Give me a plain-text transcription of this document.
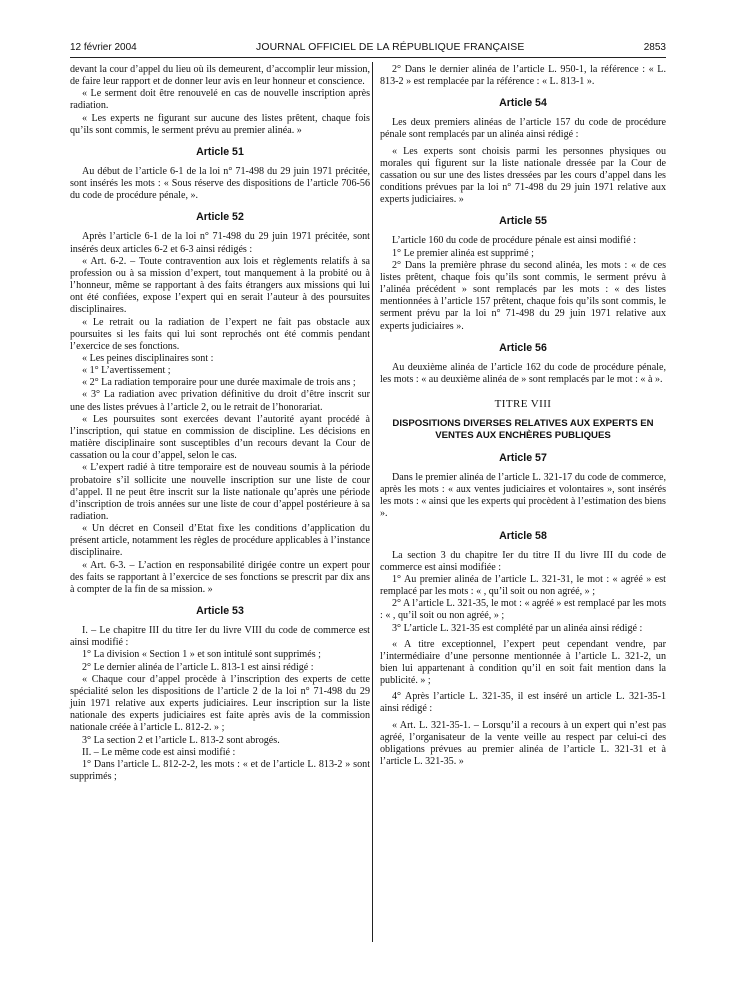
12 février 2004	JOURNAL OFFICIEL DE LA RÉPUBLIQUE FRANÇAISE	2853

devant la cour d’appel du lieu où ils demeurent, d’accomplir leur mission, de faire leur rapport et de donner leur avis en leur honneur et conscience.

« Le serment doit être renouvelé en cas de nouvelle inscription après radiation.

« Les experts ne figurant sur aucune des listes prêtent, chaque fois qu’ils sont commis, le serment prévu au premier alinéa. »

Article 51

Au début de l’article 6-1 de la loi n° 71-498 du 29 juin 1971 précitée, sont insérés les mots : « Sous réserve des dispositions de l’article 706-56 du code de procédure pénale, ».

Article 52

Après l’article 6-1 de la loi n° 71-498 du 29 juin 1971 précitée, sont insérés deux articles 6-2 et 6-3 ainsi rédigés :

« Art. 6-2. – Toute contravention aux lois et règlements relatifs à sa profession ou à sa mission d’expert, tout manquement à la probité ou à l’honneur, même se rapportant à des faits étrangers aux missions qui lui ont été confiées, expose l’expert qui en serait l’auteur à des poursuites disciplinaires.

« Le retrait ou la radiation de l’expert ne fait pas obstacle aux poursuites si les faits qui lui sont reprochés ont été commis pendant l’exercice de ses fonctions.

« Les peines disciplinaires sont :

« 1° L’avertissement ;

« 2° La radiation temporaire pour une durée maximale de trois ans ;

« 3° La radiation avec privation définitive du droit d’être inscrit sur une des listes prévues à l’article 2, ou le retrait de l’honorariat.

« Les poursuites sont exercées devant l’autorité ayant procédé à l’inscription, qui statue en commission de discipline. Les décisions en matière disciplinaire sont susceptibles d’un recours devant la Cour de cassation ou la cour d’appel, selon le cas.

« L’expert radié à titre temporaire est de nouveau soumis à la période probatoire s’il sollicite une nouvelle inscription sur une liste de cour d’appel. Il ne peut être inscrit sur la liste nationale qu’après une période d’inscription de trois années sur une liste de cour d’appel postérieure à sa radiation.

« Un décret en Conseil d’Etat fixe les conditions d’application du présent article, notamment les règles de procédure applicables à l’instance disciplinaire.

« Art. 6-3. – L’action en responsabilité dirigée contre un expert pour des faits se rapportant à l’exercice de ses fonctions se prescrit par dix ans à compter de la fin de sa mission. »

Article 53

I. – Le chapitre III du titre Ier du livre VIII du code de commerce est ainsi modifié :

1° La division « Section 1 » et son intitulé sont supprimés ;

2° Le dernier alinéa de l’article L. 813-1 est ainsi rédigé :

« Chaque cour d’appel procède à l’inscription des experts de cette spécialité selon les dispositions de l’article 2 de la loi n° 71-498 du 29 juin 1971 relative aux experts judiciaires. Leur inscription sur la liste nationale des experts judiciaires est faite après avis de la commission nationale créée à l’article L. 812-2. » ;

3° La section 2 et l’article L. 813-2 sont abrogés.

II. – Le même code est ainsi modifié :

1° Dans l’article L. 812-2-2, les mots : « et de l’article L. 813-2 » sont supprimés ;

2° Dans le dernier alinéa de l’article L. 950-1, la référence : « L. 813-2 » est remplacée par la référence : « L. 813-1 ».

Article 54

Les deux premiers alinéas de l’article 157 du code de procédure pénale sont remplacés par un alinéa ainsi rédigé :

« Les experts sont choisis parmi les personnes physiques ou morales qui figurent sur la liste nationale dressée par la Cour de cassation ou sur une des listes dressées par les cours d’appel dans les conditions prévues par la loi n° 71-498 du 29 juin 1971 relative aux experts judiciaires. »

Article 55

L’article 160 du code de procédure pénale est ainsi modifié :

1° Le premier alinéa est supprimé ;

2° Dans la première phrase du second alinéa, les mots : « de ces listes prêtent, chaque fois qu’ils sont commis, le serment prévu à l’alinéa précédent » sont remplacés par les mots : « des listes mentionnées à l’article 157 prêtent, chaque fois qu’ils sont commis, le serment prévu par la loi n° 71-498 du 29 juin 1971 relative aux experts judiciaires ».

Article 56

Au deuxième alinéa de l’article 162 du code de procédure pénale, les mots : « au deuxième alinéa de » sont remplacés par le mot : « à ».

TITRE VIII
DISPOSITIONS DIVERSES RELATIVES AUX EXPERTS EN VENTES AUX ENCHÈRES PUBLIQUES
Article 57

Dans le premier alinéa de l’article L. 321-17 du code de commerce, après les mots : « aux ventes judiciaires et volontaires », sont insérés les mots : « ainsi que les experts qui procèdent à l’estimation des biens ».

Article 58

La section 3 du chapitre Ier du titre II du livre III du code de commerce est ainsi modifiée :

1° Au premier alinéa de l’article L. 321-31, le mot : « agréé » est remplacé par les mots : « , qu’il soit ou non agréé, » ;

2° A l’article L. 321-35, le mot : « agréé » est remplacé par les mots : « , qu’il soit ou non agréé, » ;

3° L’article L. 321-35 est complété par un alinéa ainsi rédigé :

« A titre exceptionnel, l’expert peut cependant vendre, par l’intermédiaire d’une personne mentionnée à l’article L. 321-2, un bien lui appartenant à condition qu’il en soit fait mention dans la publicité. » ;

4° Après l’article L. 321-35, il est inséré un article L. 321-35-1 ainsi rédigé :

« Art. L. 321-35-1. – Lorsqu’il a recours à un expert qui n’est pas agréé, l’organisateur de la vente veille au respect par celui-ci des obligations prévues au premier alinéa de l’article L. 321-31 et à l’article L. 321-35. »
